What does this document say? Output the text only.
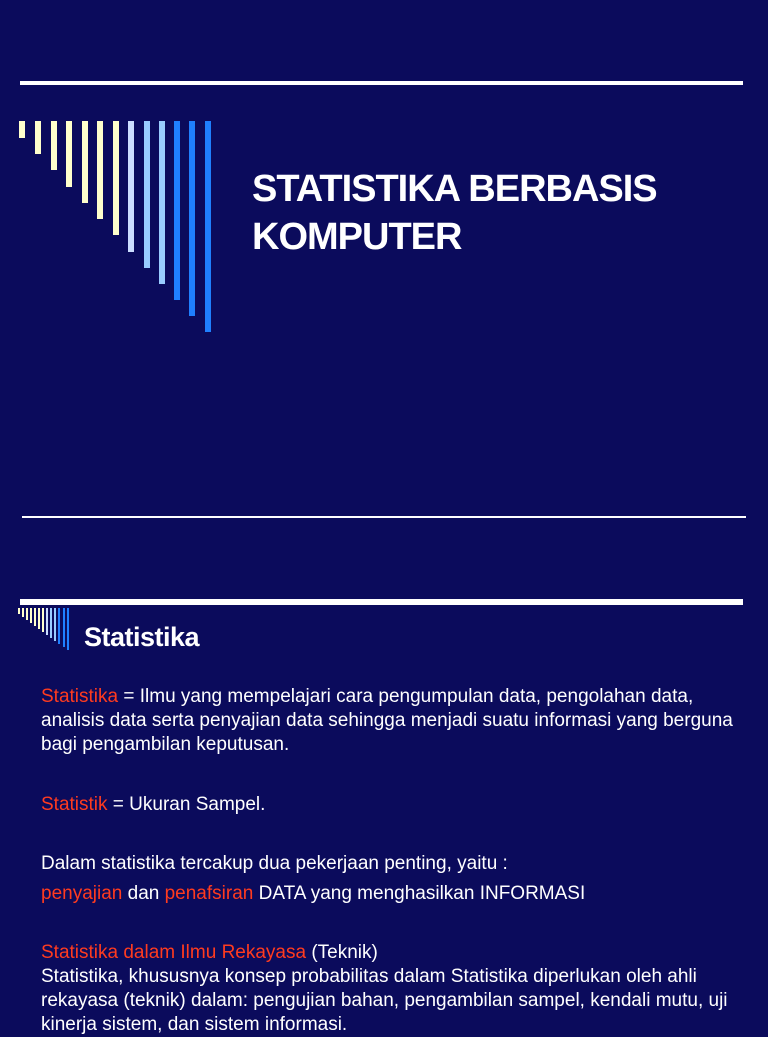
STATISTIKA BERBASIS
KOMPUTER
Statistika
Statistika = Ilmu yang mempelajari cara pengumpulan data, pengolahan data, analisis data serta penyajian data sehingga menjadi suatu informasi yang berguna bagi pengambilan keputusan.
Statistik = Ukuran Sampel.
Dalam statistika tercakup dua pekerjaan penting, yaitu :
penyajian dan penafsiran DATA yang menghasilkan INFORMASI
Statistika dalam Ilmu Rekayasa (Teknik)
Statistika, khususnya konsep probabilitas dalam Statistika diperlukan oleh ahli rekayasa (teknik) dalam: pengujian bahan, pengambilan sampel, kendali mutu, uji kinerja sistem, dan sistem informasi.
